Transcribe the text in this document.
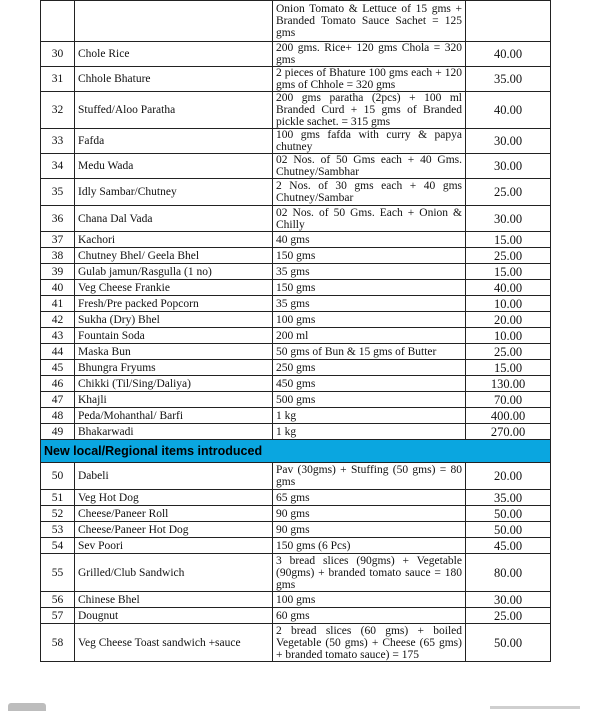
		Onion Tomato & Lettuce of 15 gms + Branded Tomato Sauce Sachet = 125 gms	
30	Chole Rice	200 gms. Rice+ 120 gms Chola = 320 gms	40.00
31	Chhole Bhature	2 pieces of Bhature 100 gms each + 120 gms of Chhole = 320 gms	35.00
32	Stuffed/Aloo Paratha	200 gms paratha (2pcs) + 100 ml Branded Curd + 15 gms of Branded pickle sachet. = 315 gms	40.00
33	Fafda	100 gms fafda with curry & papya chutney	30.00
34	Medu Wada	02 Nos. of 50 Gms each + 40 Gms. Chutney/Sambhar	30.00
35	Idly Sambar/Chutney	2 Nos. of 30 gms each + 40 gms Chutney/Sambar	25.00
36	Chana Dal Vada	02 Nos. of 50 Gms. Each + Onion & Chilly	30.00
37	Kachori	40 gms	15.00
38	Chutney Bhel/ Geela Bhel	150 gms	25.00
39	Gulab jamun/Rasgulla (1 no)	35 gms	15.00
40	Veg Cheese Frankie	150 gms	40.00
41	Fresh/Pre packed Popcorn	35 gms	10.00
42	Sukha (Dry) Bhel	100 gms	20.00
43	Fountain Soda	200 ml	10.00
44	Maska Bun	50 gms of Bun & 15 gms of Butter	25.00
45	Bhungra Fryums	250 gms	15.00
46	Chikki (Til/Sing/Daliya)	450 gms	130.00
47	Khajli	500 gms	70.00
48	Peda/Mohanthal/ Barfi	1 kg	400.00
49	Bhakarwadi	1 kg	270.00
New local/Regional items introduced			
50	Dabeli	Pav (30gms) + Stuffing (50 gms) = 80 gms	20.00
51	Veg Hot Dog	65 gms	35.00
52	Cheese/Paneer Roll	90 gms	50.00
53	Cheese/Paneer Hot Dog	90 gms	50.00
54	Sev Poori	150 gms (6 Pcs)	45.00
55	Grilled/Club Sandwich	3 bread slices (90gms) + Vegetable (90gms) + branded tomato sauce = 180 gms	80.00
56	Chinese Bhel	100 gms	30.00
57	Dougnut	60 gms	25.00
58	Veg Cheese Toast sandwich +sauce	2 bread slices (60 gms) + boiled Vegetable (50 gms) + Cheese (65 gms) + branded tomato sauce) = 175	50.00
